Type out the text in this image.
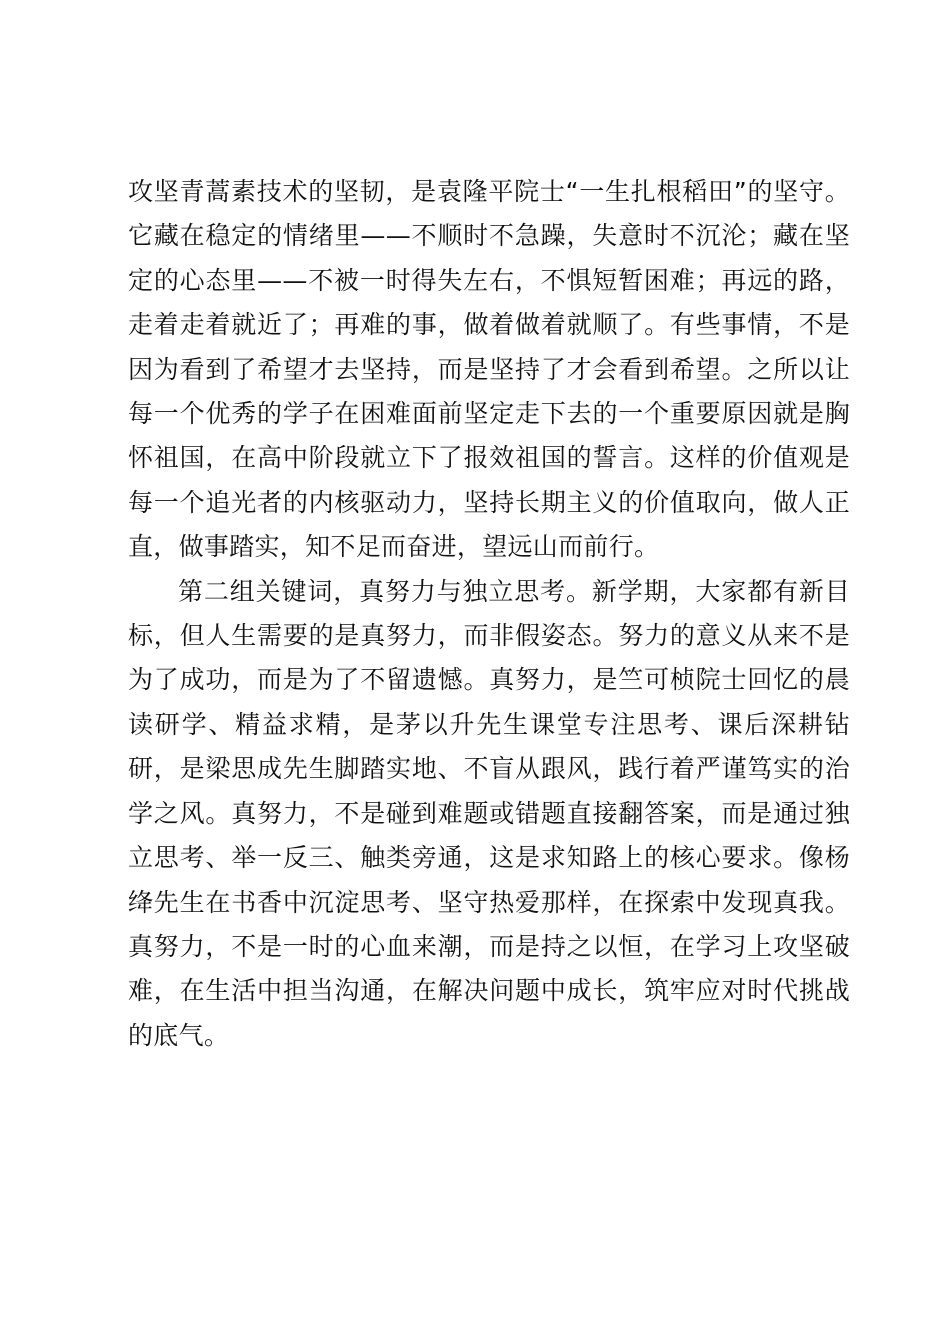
攻坚青蒿素技术的坚韧，是袁隆平院士“一生扎根稻田”的坚守。它藏在稳定的情绪里——不顺时不急躁，失意时不沉沦；藏在坚定的心态里——不被一时得失左右，不惧短暂困难；再远的路，走着走着就近了；再难的事，做着做着就顺了。有些事情，不是因为看到了希望才去坚持，而是坚持了才会看到希望。之所以让每一个优秀的学子在困难面前坚定走下去的一个重要原因就是胸怀祖国，在高中阶段就立下了报效祖国的誓言。这样的价值观是每一个追光者的内核驱动力，坚持长期主义的价值取向，做人正直，做事踏实，知不足而奋进，望远山而前行。

第二组关键词，真努力与独立思考。新学期，大家都有新目标，但人生需要的是真努力，而非假姿态。努力的意义从来不是为了成功，而是为了不留遗憾。真努力，是竺可桢院士回忆的晨读研学、精益求精，是茅以升先生课堂专注思考、课后深耕钻研，是梁思成先生脚踏实地、不盲从跟风，践行着严谨笃实的治学之风。真努力，不是碰到难题或错题直接翻答案，而是通过独立思考、举一反三、触类旁通，这是求知路上的核心要求。像杨绛先生在书香中沉淀思考、坚守热爱那样，在探索中发现真我。真努力，不是一时的心血来潮，而是持之以恒，在学习上攻坚破难，在生活中担当沟通，在解决问题中成长，筑牢应对时代挑战的底气。
